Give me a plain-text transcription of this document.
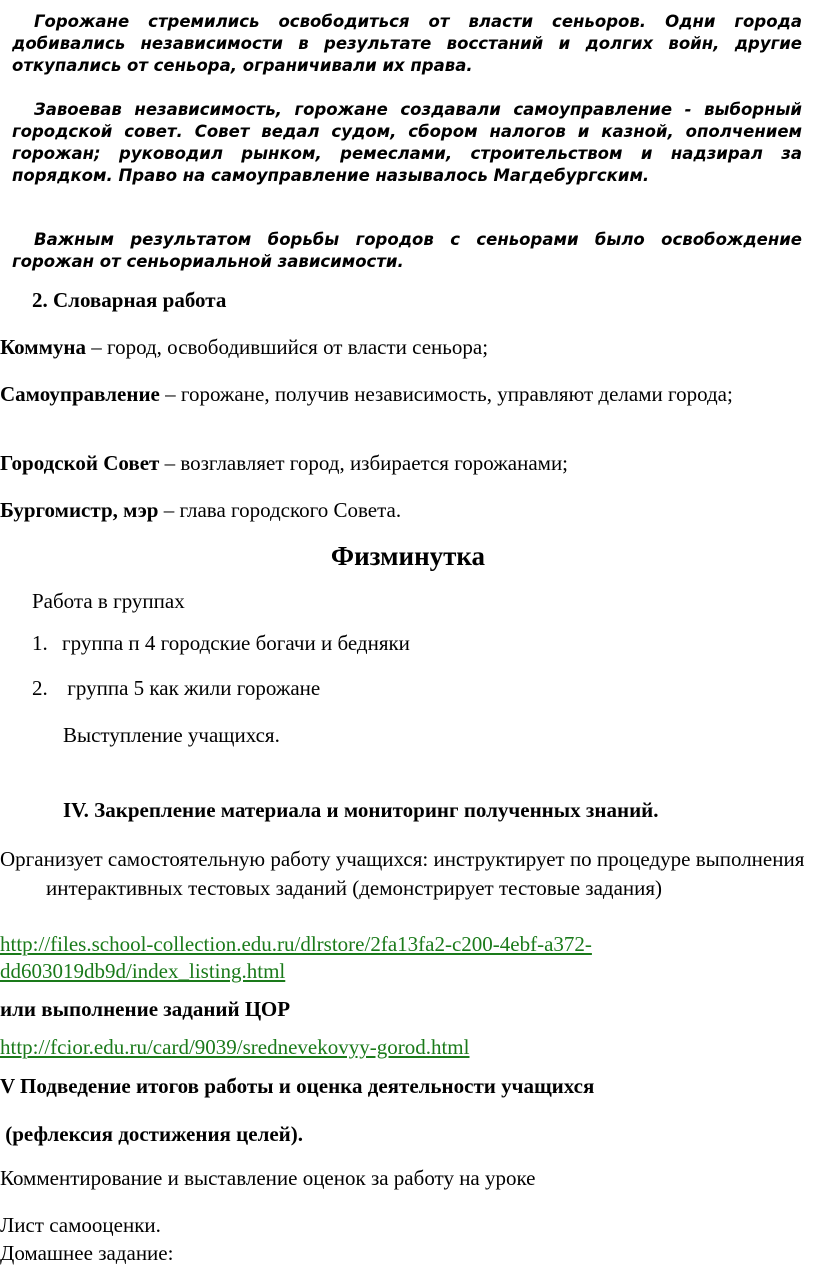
Горожане стремились освободиться от власти сеньоров. Одни города добивались независимости в результате восстаний и долгих войн, другие откупались от сеньора, ограничивали их права.

Завоевав независимость, горожане создавали самоуправление - выборный городской совет. Совет ведал судом, сбором налогов и казной, ополчением горожан; руководил рынком, ремеслами, строительством и надзирал за порядком. Право на самоуправление называлось Магдебургским.

Важным результатом борьбы городов с сеньорами было освобождение горожан от сеньориальной зависимости.

2. Словарная работа

Коммуна – город, освободившийся от власти сеньора;

Самоуправление – горожане, получив независимость, управляют делами города;

Городской Совет – возглавляет город, избирается горожанами;

Бургомистр, мэр – глава городского Совета.

Физминутка

Работа в группах

1. группа п 4 городские богачи и бедняки

2. группа 5 как жили горожане

Выступление учащихся.

IV. Закрепление материала и мониторинг полученных знаний.

Организует самостоятельную работу учащихся: инструктирует по процедуре выполнения интерактивных тестовых заданий (демонстрирует тестовые задания)

http://files.school-collection.edu.ru/dlrstore/2fa13fa2-c200-4ebf-a372-
dd603019db9d/index_listing.html

или выполнение заданий ЦОР

http://fcior.edu.ru/card/9039/srednevekovyy-gorod.html

V Подведение итогов работы и оценка деятельности учащихся

(рефлексия достижения целей).

Комментирование и выставление оценок за работу на уроке

Лист самооценки.

Домашнее задание:
